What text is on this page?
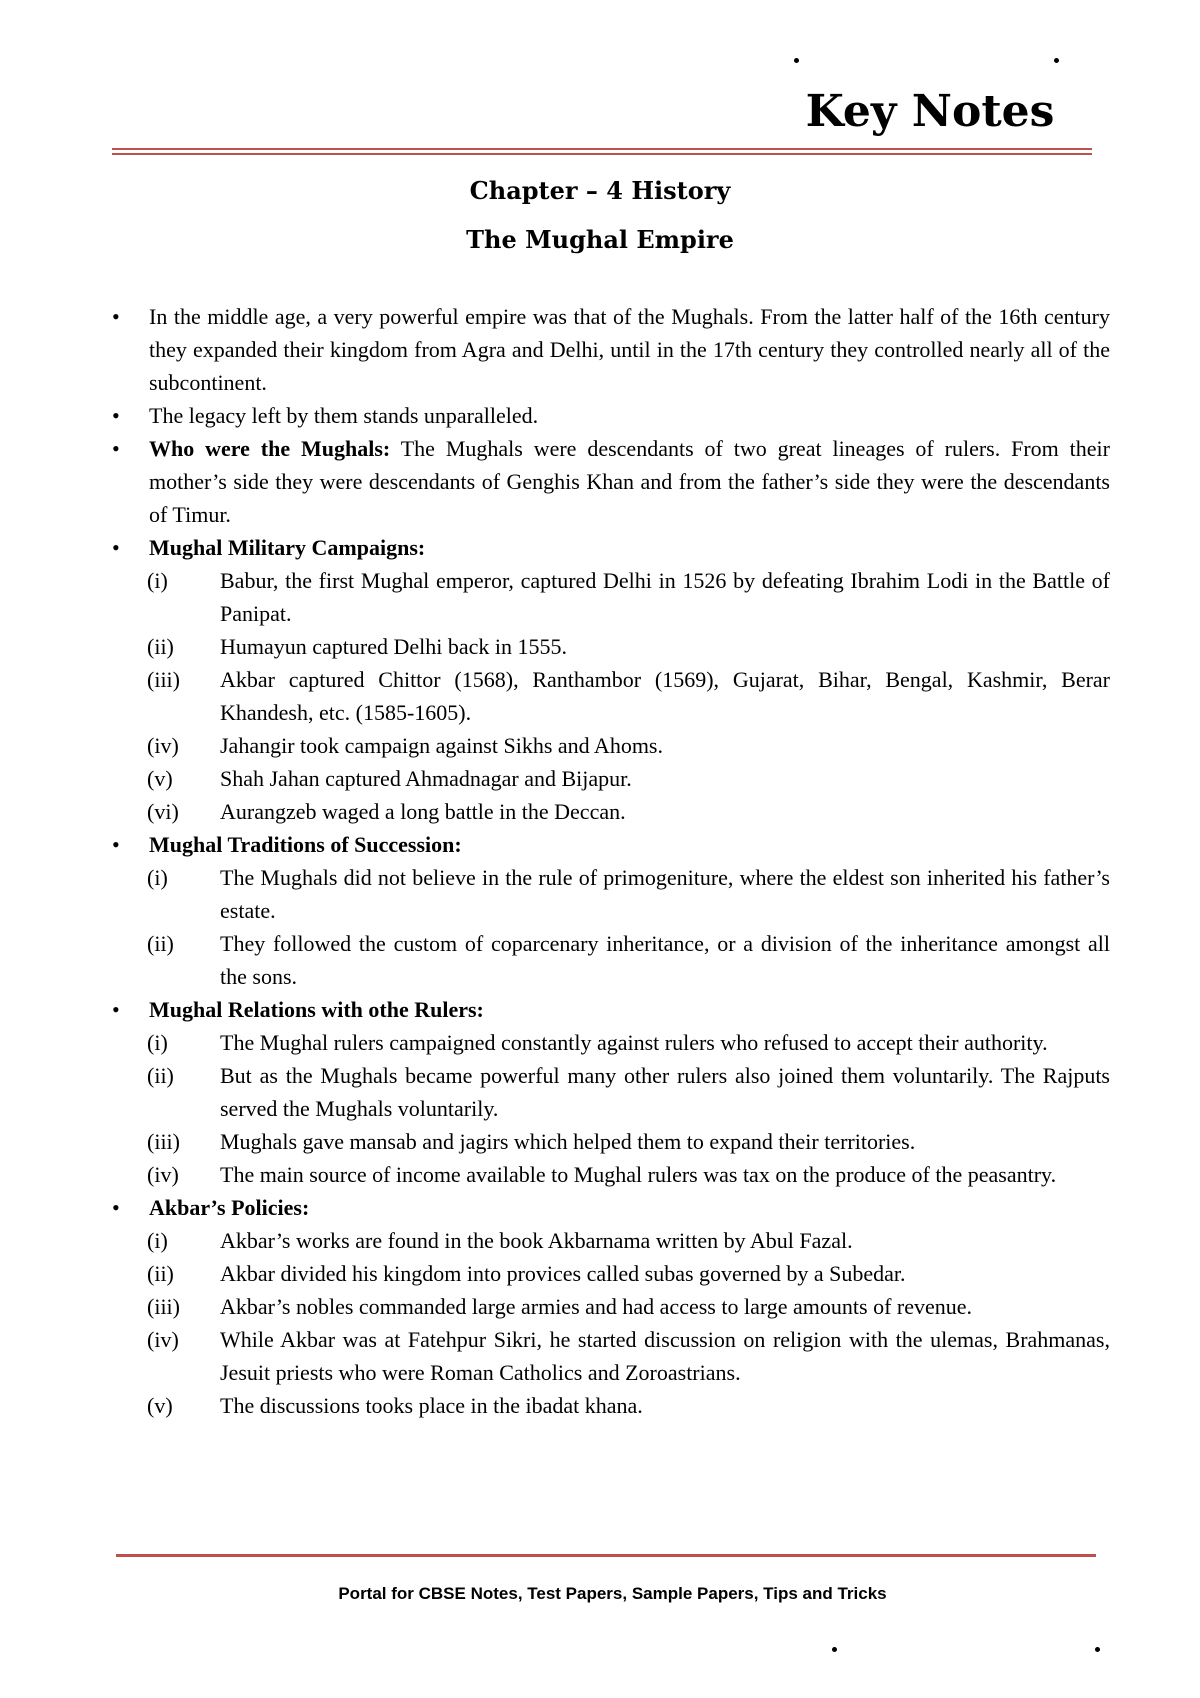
Key Notes
Chapter – 4 History
The Mughal Empire
•	In the middle age, a very powerful empire was that of the Mughals. From the latter half of the 16th century they expanded their kingdom from Agra and Delhi, until in the 17th century they controlled nearly all of the subcontinent.
•	The legacy left by them stands unparalleled.
•	Who were the Mughals: The Mughals were descendants of two great lineages of rulers. From their mother’s side they were descendants of Genghis Khan and from the father’s side they were the descendants of Timur.
•	Mughal Military Campaigns:
(i)	Babur, the first Mughal emperor, captured Delhi in 1526 by defeating Ibrahim Lodi in the Battle of Panipat.
(ii)	Humayun captured Delhi back in 1555.
(iii)	Akbar captured Chittor (1568), Ranthambor (1569), Gujarat, Bihar, Bengal, Kashmir, Berar Khandesh, etc. (1585-1605).
(iv)	Jahangir took campaign against Sikhs and Ahoms.
(v)	Shah Jahan captured Ahmadnagar and Bijapur.
(vi)	Aurangzeb waged a long battle in the Deccan.
•	Mughal Traditions of Succession:
(i)	The Mughals did not believe in the rule of primogeniture, where the eldest son inherited his father’s estate.
(ii)	They followed the custom of coparcenary inheritance, or a division of the inheritance amongst all the sons.
•	Mughal Relations with othe Rulers:
(i)	The Mughal rulers campaigned constantly against rulers who refused to accept their authority.
(ii)	But as the Mughals became powerful many other rulers also joined them voluntarily. The Rajputs served the Mughals voluntarily.
(iii)	Mughals gave mansab and jagirs which helped them to expand their territories.
(iv)	The main source of income available to Mughal rulers was tax on the produce of the peasantry.
•	Akbar’s Policies:
(i)	Akbar’s works are found in the book Akbarnama written by Abul Fazal.
(ii)	Akbar divided his kingdom into provices called subas governed by a Subedar.
(iii)	Akbar’s nobles commanded large armies and had access to large amounts of revenue.
(iv)	While Akbar was at Fatehpur Sikri, he started discussion on religion with the ulemas, Brahmanas, Jesuit priests who were Roman Catholics and Zoroastrians.
(v)	The discussions tooks place in the ibadat khana.
Portal for CBSE Notes, Test Papers, Sample Papers, Tips and Tricks
